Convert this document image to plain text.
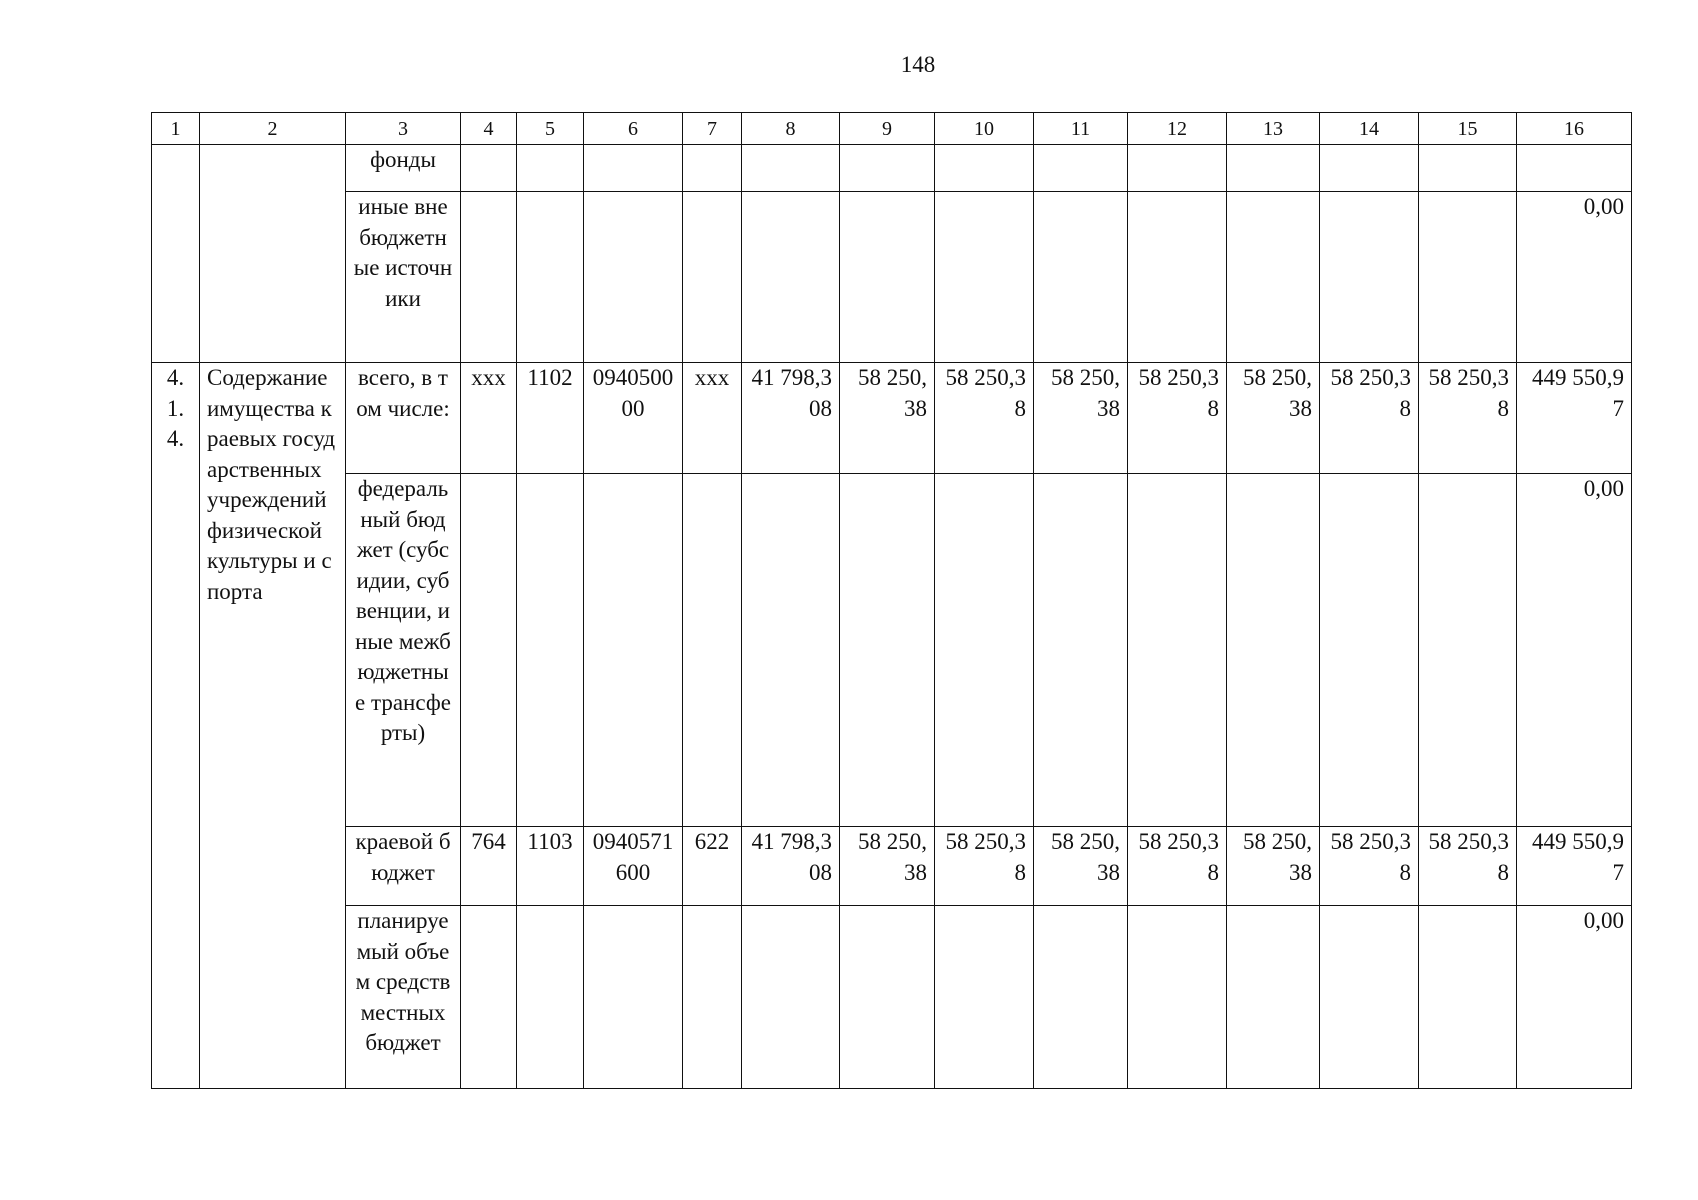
148
1	2	3	4	5	6	7	8	9	10	11	12	13	14	15	16
		фонды													
		иные внебюджетные источники													0,00
4. 1. 4.	Содержание имущества краевых государственных учреждений физической культуры и спорта	всего, в том числе:	ххх	1102	094050000	ххх	41 798,308	58 250,38	58 250,38	58 250,38	58 250,38	58 250,38	58 250,38	58 250,38	449 550,97
		федеральный бюджет (субсидии, субвенции, иные межбюджетные трансферты)													0,00
		краевой бюджет	764	1103	0940571600	622	41 798,308	58 250,38	58 250,38	58 250,38	58 250,38	58 250,38	58 250,38	58 250,38	449 550,97
		планируемый объем средств местных бюджет													0,00
